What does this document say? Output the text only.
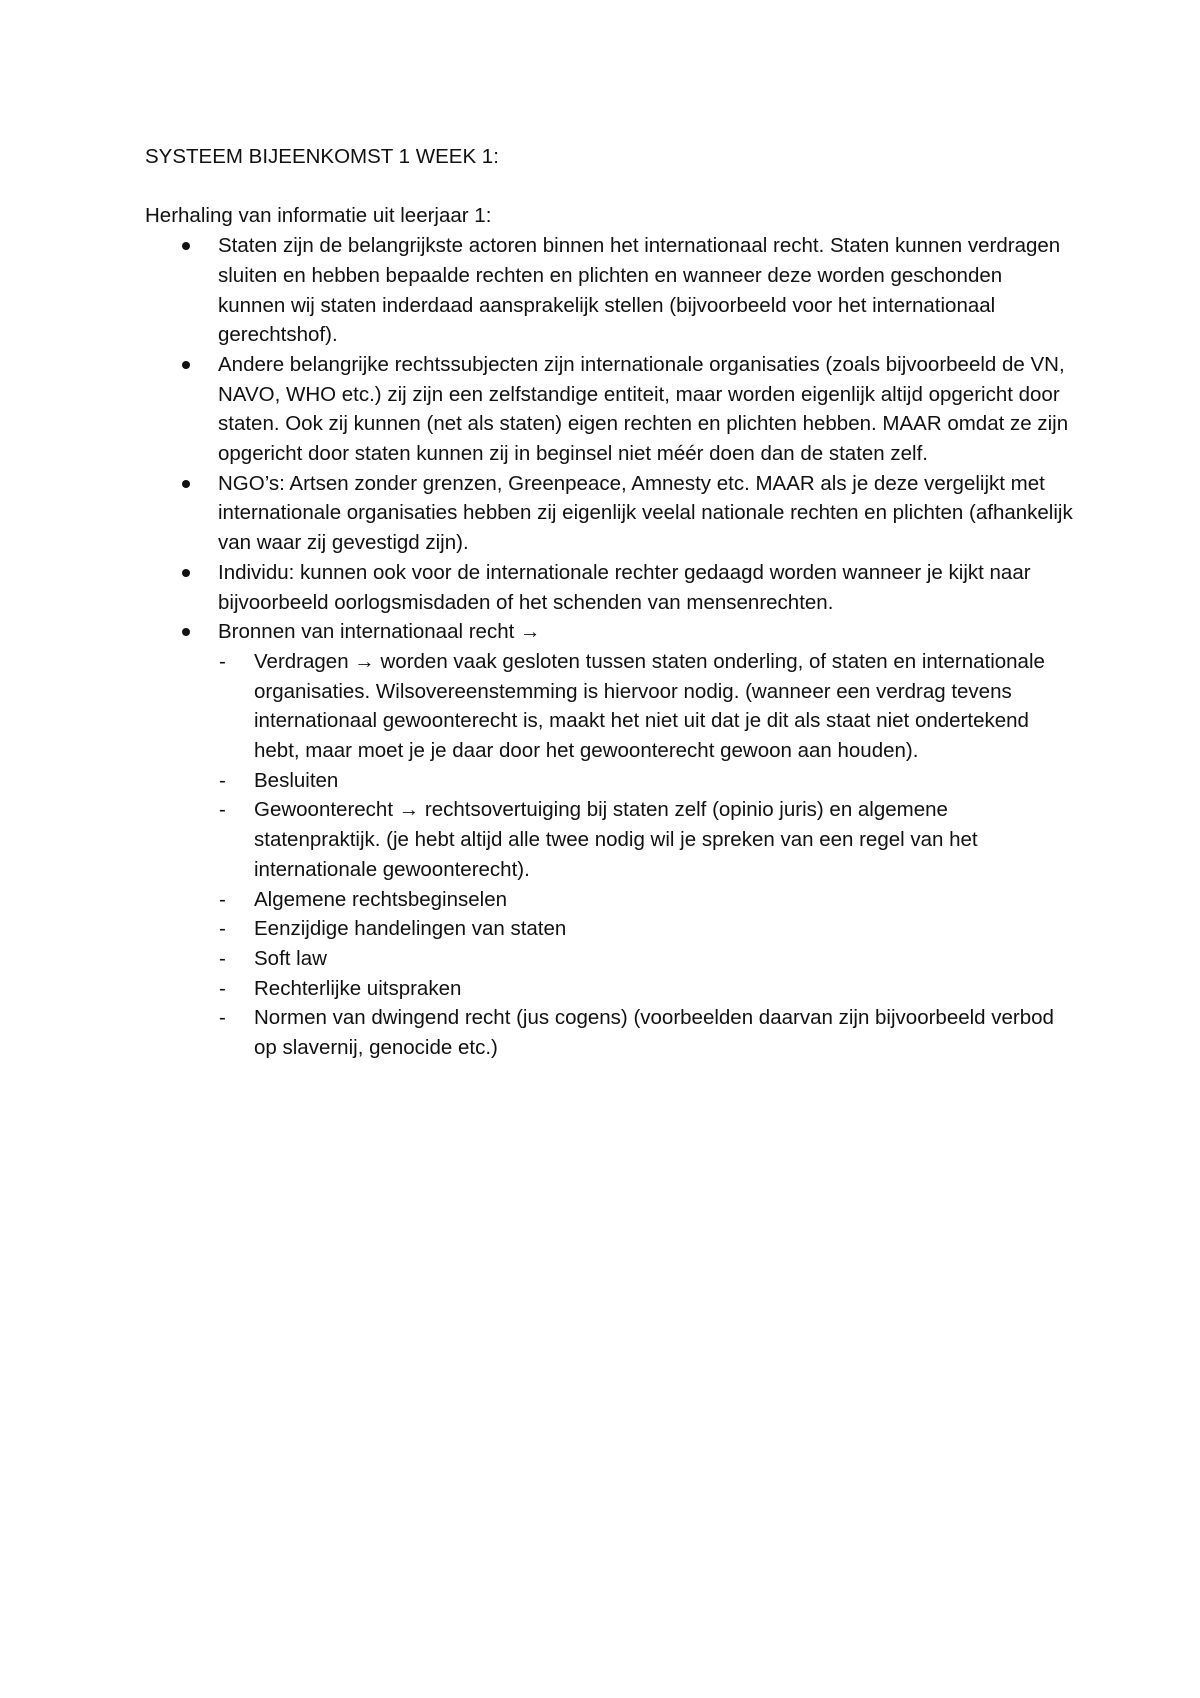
SYSTEEM BIJEENKOMST 1 WEEK 1:
Herhaling van informatie uit leerjaar 1:
Staten zijn de belangrijkste actoren binnen het internationaal recht. Staten kunnen verdragen sluiten en hebben bepaalde rechten en plichten en wanneer deze worden geschonden kunnen wij staten inderdaad aansprakelijk stellen (bijvoorbeeld voor het internationaal gerechtshof).
Andere belangrijke rechtssubjecten zijn internationale organisaties (zoals bijvoorbeeld de VN, NAVO, WHO etc.) zij zijn een zelfstandige entiteit, maar worden eigenlijk altijd opgericht door staten. Ook zij kunnen (net als staten) eigen rechten en plichten hebben. MAAR omdat ze zijn opgericht door staten kunnen zij in beginsel niet méér doen dan de staten zelf.
NGO’s: Artsen zonder grenzen, Greenpeace, Amnesty etc. MAAR als je deze vergelijkt met internationale organisaties hebben zij eigenlijk veelal nationale rechten en plichten (afhankelijk van waar zij gevestigd zijn).
Individu: kunnen ook voor de internationale rechter gedaagd worden wanneer je kijkt naar bijvoorbeeld oorlogsmisdaden of het schenden van mensenrechten.
Bronnen van internationaal recht →
- Verdragen → worden vaak gesloten tussen staten onderling, of staten en internationale organisaties. Wilsovereenstemming is hiervoor nodig. (wanneer een verdrag tevens internationaal gewoonterecht is, maakt het niet uit dat je dit als staat niet ondertekend hebt, maar moet je je daar door het gewoonterecht gewoon aan houden).
- Besluiten
- Gewoonterecht → rechtsovertuiging bij staten zelf (opinio juris) en algemene statenpraktijk. (je hebt altijd alle twee nodig wil je spreken van een regel van het internationale gewoonterecht).
- Algemene rechtsbeginselen
- Eenzijdige handelingen van staten
- Soft law
- Rechterlijke uitspraken
- Normen van dwingend recht (jus cogens) (voorbeelden daarvan zijn bijvoorbeeld verbod op slavernij, genocide etc.)
